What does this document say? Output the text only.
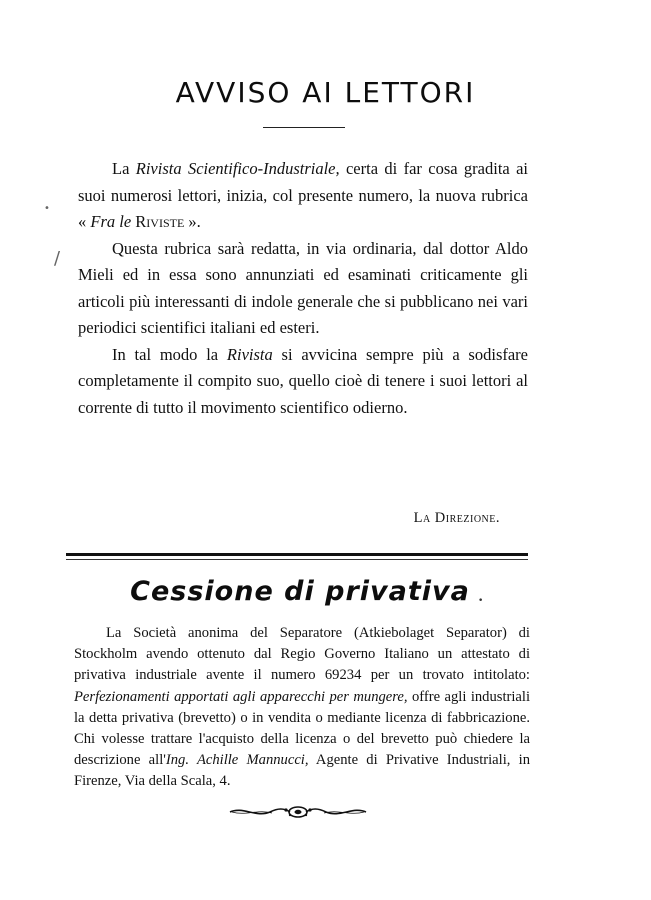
AVVISO AI LETTORI

La Rivista Scientifico-Industriale, certa di far cosa gradita ai suoi numerosi lettori, inizia, col presente numero, la nuova rubrica « Fra le Riviste ».

Questa rubrica sarà redatta, in via ordinaria, dal dottor Aldo Mieli ed in essa sono annunziati ed esaminati criticamente gli articoli più interessanti di indole generale che si pubblicano nei vari periodici scientifici italiani ed esteri.

In tal modo la Rivista si avvicina sempre più a sodisfare completamente il compito suo, quello cioè di tenere i suoi lettori al corrente di tutto il movimento scientifico odierno.

La Direzione.
Cessione di privativa

La Società anonima del Separatore (Atkiebolaget Separator) di Stockholm avendo ottenuto dal Regio Governo Italiano un attestato di privativa industriale avente il numero 69234 per un trovato intitolato: Perfezionamenti apportati agli apparecchi per mungere, offre agli industriali la detta privativa (brevetto) o in vendita o mediante licenza di fabbricazione. Chi volesse trattare l'acquisto della licenza o del brevetto può chiedere la descrizione all'Ing. Achille Mannucci, Agente di Privative Industriali, in Firenze, Via della Scala, 4.

•
/
•
